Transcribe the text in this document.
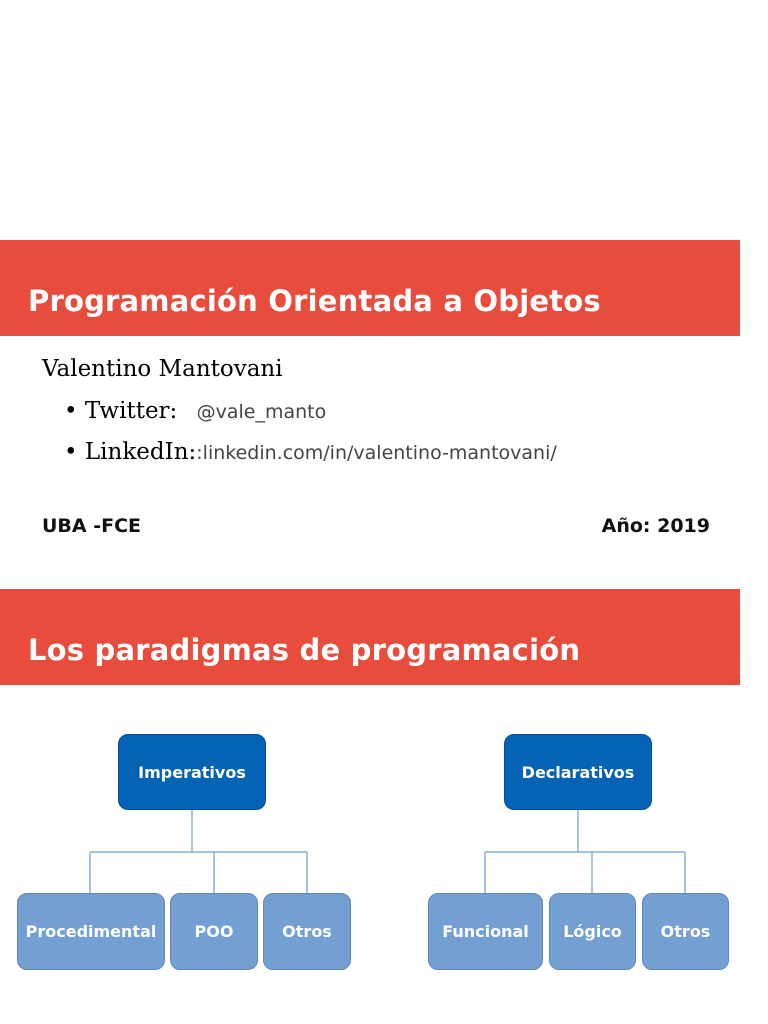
Programación Orientada a Objetos
Valentino Mantovani
• Twitter: @vale_manto
• LinkedIn::linkedin.com/in/valentino-mantovani/
UBA -FCE	Año: 2019
Los paradigmas de programación
Imperativos	Declarativos
Procedimental	POO	Otros	Funcional	Lógico	Otros
